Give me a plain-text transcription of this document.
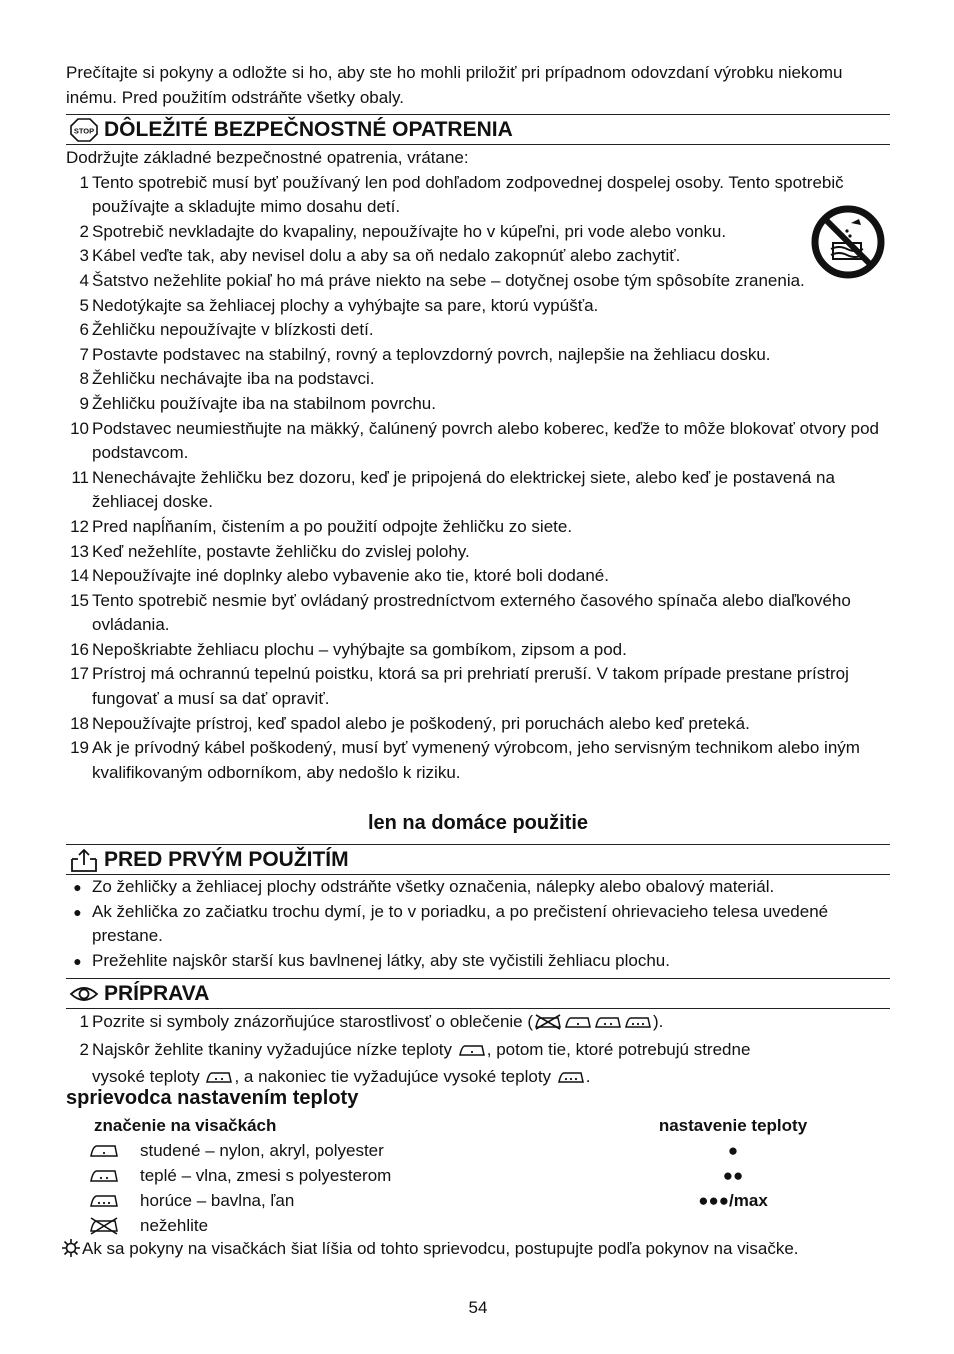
Prečítajte si pokyny a odložte si ho, aby ste ho mohli priložiť pri prípadnom odovzdaní výrobku niekomu inému. Pred použitím odstráňte všetky obaly.
STOP DÔLEŽITÉ BEZPEČNOSTNÉ OPATRENIA
Dodržujte základné bezpečnostné opatrenia, vrátane:
1 Tento spotrebič musí byť používaný len pod dohľadom zodpovednej dospelej osoby. Tento spotrebič používajte a skladujte mimo dosahu detí.
2 Spotrebič nevkladajte do kvapaliny, nepoužívajte ho v kúpeľni, pri vode alebo vonku.
3 Kábel veďte tak, aby nevisel dolu a aby sa oň nedalo zakopnúť alebo zachytiť.
4 Šatstvo nežehlite pokiaľ ho má práve niekto na sebe – dotyčnej osobe tým spôsobíte zranenia.
5 Nedotýkajte sa žehliacej plochy a vyhýbajte sa pare, ktorú vypúšťa.
6 Žehličku nepoužívajte v blízkosti detí.
7 Postavte podstavec na stabilný, rovný a teplovzdorný povrch, najlepšie na žehliacu dosku.
8 Žehličku nechávajte iba na podstavci.
9 Žehličku používajte iba na stabilnom povrchu.
10 Podstavec neumiestňujte na mäkký, čalúnený povrch alebo koberec, keďže to môže blokovať otvory pod podstavcom.
11 Nenechávajte žehličku bez dozoru, keď je pripojená do elektrickej siete, alebo keď je postavená na žehliacej doske.
12 Pred napĺňaním, čistením a po použití odpojte žehličku zo siete.
13 Keď nežehlíte, postavte žehličku do zvislej polohy.
14 Nepoužívajte iné doplnky alebo vybavenie ako tie, ktoré boli dodané.
15 Tento spotrebič nesmie byť ovládaný prostredníctvom externého časového spínača alebo diaľkového ovládania.
16 Nepoškriabte žehliacu plochu – vyhýbajte sa gombíkom, zipsom a pod.
17 Prístroj má ochrannú tepelnú poistku, ktorá sa pri prehriatí preruší. V takom prípade prestane prístroj fungovať a musí sa dať opraviť.
18 Nepoužívajte prístroj, keď spadol alebo je poškodený, pri poruchách alebo keď preteká.
19 Ak je prívodný kábel poškodený, musí byť vymenený výrobcom, jeho servisným technikom alebo iným kvalifikovaným odborníkom, aby nedošlo k riziku.
len na domáce použitie
PRED PRVÝM POUŽITÍM
● Zo žehličky a žehliacej plochy odstráňte všetky označenia, nálepky alebo obalový materiál.
● Ak žehlička zo začiatku trochu dymí, je to v poriadku, a po prečistení ohrievacieho telesa uvedené prestane.
● Prežehlite najskôr starší kus bavlnenej látky, aby ste vyčistili žehliacu plochu.
PRÍPRAVA
1 Pozrite si symboly znázorňujúce starostlivosť o oblečenie (	).
2 Najskôr žehlite tkaniny vyžadujúce nízke teploty , potom tie, ktoré potrebujú stredne
vysoké teploty , a nakoniec tie vyžadujúce vysoké teploty .
sprievodca nastavením teploty
značenie na visačkách	nastavenie teploty
studené – nylon, akryl, polyester	●
teplé – vlna, zmesi s polyesterom	●●
horúce – bavlna, ľan	●●●/max
nežehlite
Ak sa pokyny na visačkách šiat líšia od tohto sprievodcu, postupujte podľa pokynov na visačke.
54
